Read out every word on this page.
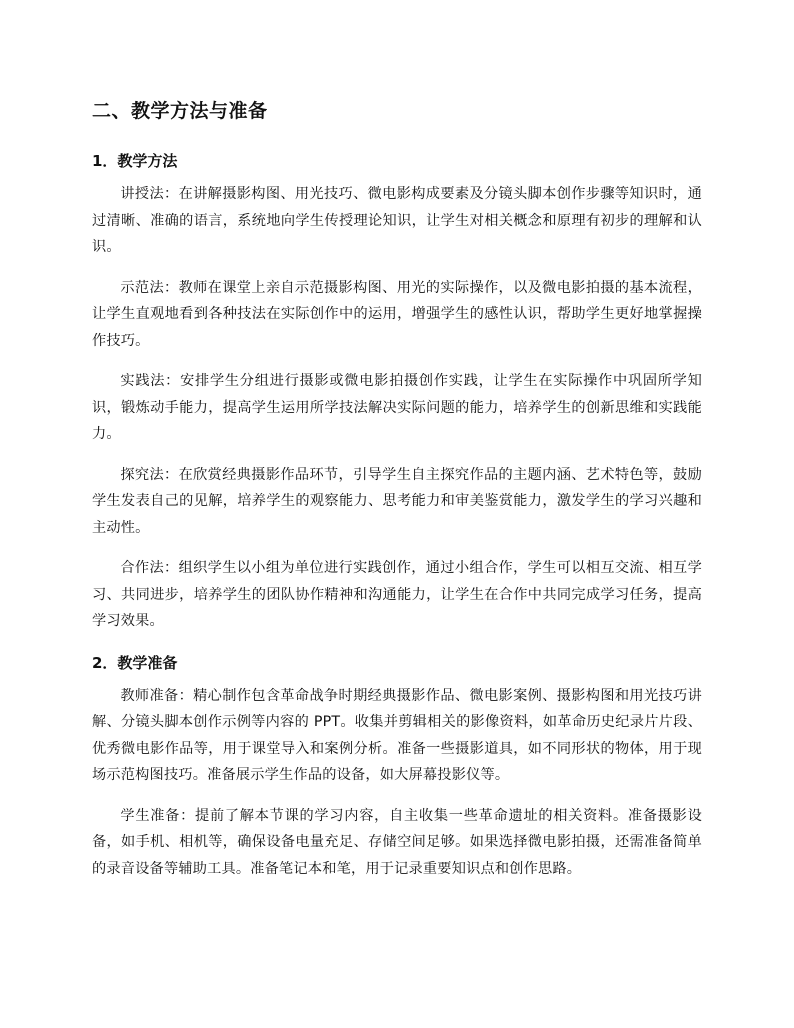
二、教学方法与准备
1．教学方法

讲授法：在讲解摄影构图、用光技巧、微电影构成要素及分镜头脚本创作步骤等知识时，通过清晰、准确的语言，系统地向学生传授理论知识，让学生对相关概念和原理有初步的理解和认识。

示范法：教师在课堂上亲自示范摄影构图、用光的实际操作，以及微电影拍摄的基本流程，让学生直观地看到各种技法在实际创作中的运用，增强学生的感性认识，帮助学生更好地掌握操作技巧。

实践法：安排学生分组进行摄影或微电影拍摄创作实践，让学生在实际操作中巩固所学知识，锻炼动手能力，提高学生运用所学技法解决实际问题的能力，培养学生的创新思维和实践能力。

探究法：在欣赏经典摄影作品环节，引导学生自主探究作品的主题内涵、艺术特色等，鼓励学生发表自己的见解，培养学生的观察能力、思考能力和审美鉴赏能力，激发学生的学习兴趣和主动性。

合作法：组织学生以小组为单位进行实践创作，通过小组合作，学生可以相互交流、相互学习、共同进步，培养学生的团队协作精神和沟通能力，让学生在合作中共同完成学习任务，提高学习效果。

2．教学准备

教师准备：精心制作包含革命战争时期经典摄影作品、微电影案例、摄影构图和用光技巧讲解、分镜头脚本创作示例等内容的 PPT。收集并剪辑相关的影像资料，如革命历史纪录片片段、优秀微电影作品等，用于课堂导入和案例分析。准备一些摄影道具，如不同形状的物体，用于现场示范构图技巧。准备展示学生作品的设备，如大屏幕投影仪等。

学生准备：提前了解本节课的学习内容，自主收集一些革命遗址的相关资料。准备摄影设备，如手机、相机等，确保设备电量充足、存储空间足够。如果选择微电影拍摄，还需准备简单的录音设备等辅助工具。准备笔记本和笔，用于记录重要知识点和创作思路。
